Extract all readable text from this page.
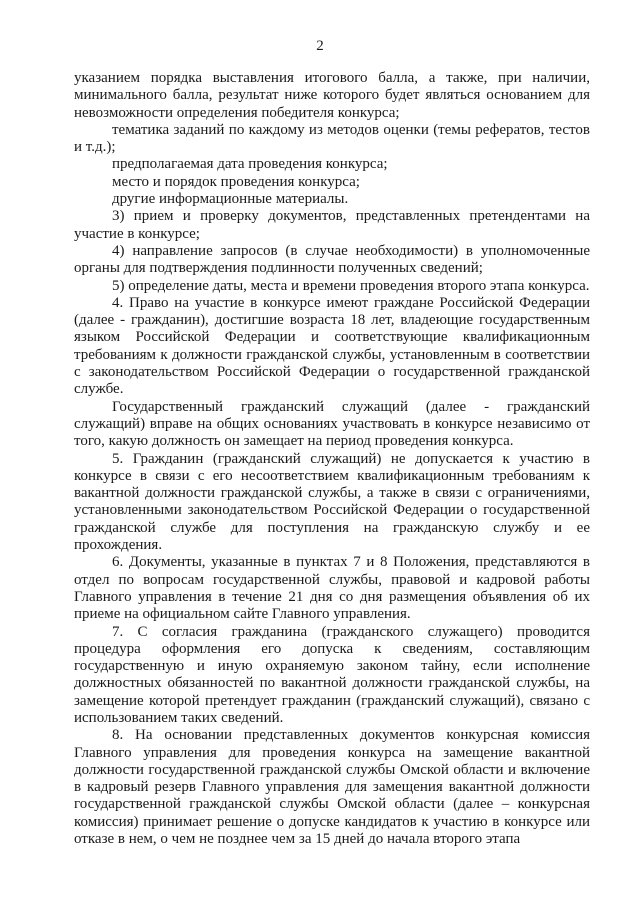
2

указанием порядка выставления итогового балла, а также, при наличии, минимального балла, результат ниже которого будет являться основанием для невозможности определения победителя конкурса;

тематика заданий по каждому из методов оценки (темы рефератов, тестов и т.д.);

предполагаемая дата проведения конкурса;

место и порядок проведения конкурса;

другие информационные материалы.

3) прием и проверку документов, представленных претендентами на участие в конкурсе;

4) направление запросов (в случае необходимости) в уполномоченные органы для подтверждения подлинности полученных сведений;

5) определение даты, места и времени проведения второго этапа конкурса.

4. Право на участие в конкурсе имеют граждане Российской Федерации (далее - гражданин), достигшие возраста 18 лет, владеющие государственным языком Российской Федерации и соответствующие квалификационным требованиям к должности гражданской службы, установленным в соответствии с законодательством Российской Федерации о государственной гражданской службе.

Государственный гражданский служащий (далее - гражданский служащий) вправе на общих основаниях участвовать в конкурсе независимо от того, какую должность он замещает на период проведения конкурса.

5. Гражданин (гражданский служащий) не допускается к участию в конкурсе в связи с его несоответствием квалификационным требованиям к вакантной должности гражданской службы, а также в связи с ограничениями, установленными законодательством Российской Федерации о государственной гражданской службе для поступления на гражданскую службу и ее прохождения.

6. Документы, указанные в пунктах 7 и 8 Положения, представляются в отдел по вопросам государственной службы, правовой и кадровой работы Главного управления в течение 21 дня со дня размещения объявления об их приеме на официальном сайте Главного управления.

7. С согласия гражданина (гражданского служащего) проводится процедура оформления его допуска к сведениям, составляющим государственную и иную охраняемую законом тайну, если исполнение должностных обязанностей по вакантной должности гражданской службы, на замещение которой претендует гражданин (гражданский служащий), связано с использованием таких сведений.

8. На основании представленных документов конкурсная комиссия Главного управления для проведения конкурса на замещение вакантной должности государственной гражданской службы Омской области и включение в кадровый резерв Главного управления для замещения вакантной должности государственной гражданской службы Омской области (далее – конкурсная комиссия) принимает решение о допуске кандидатов к участию в конкурсе или отказе в нем, о чем не позднее чем за 15 дней до начала второго этапа
